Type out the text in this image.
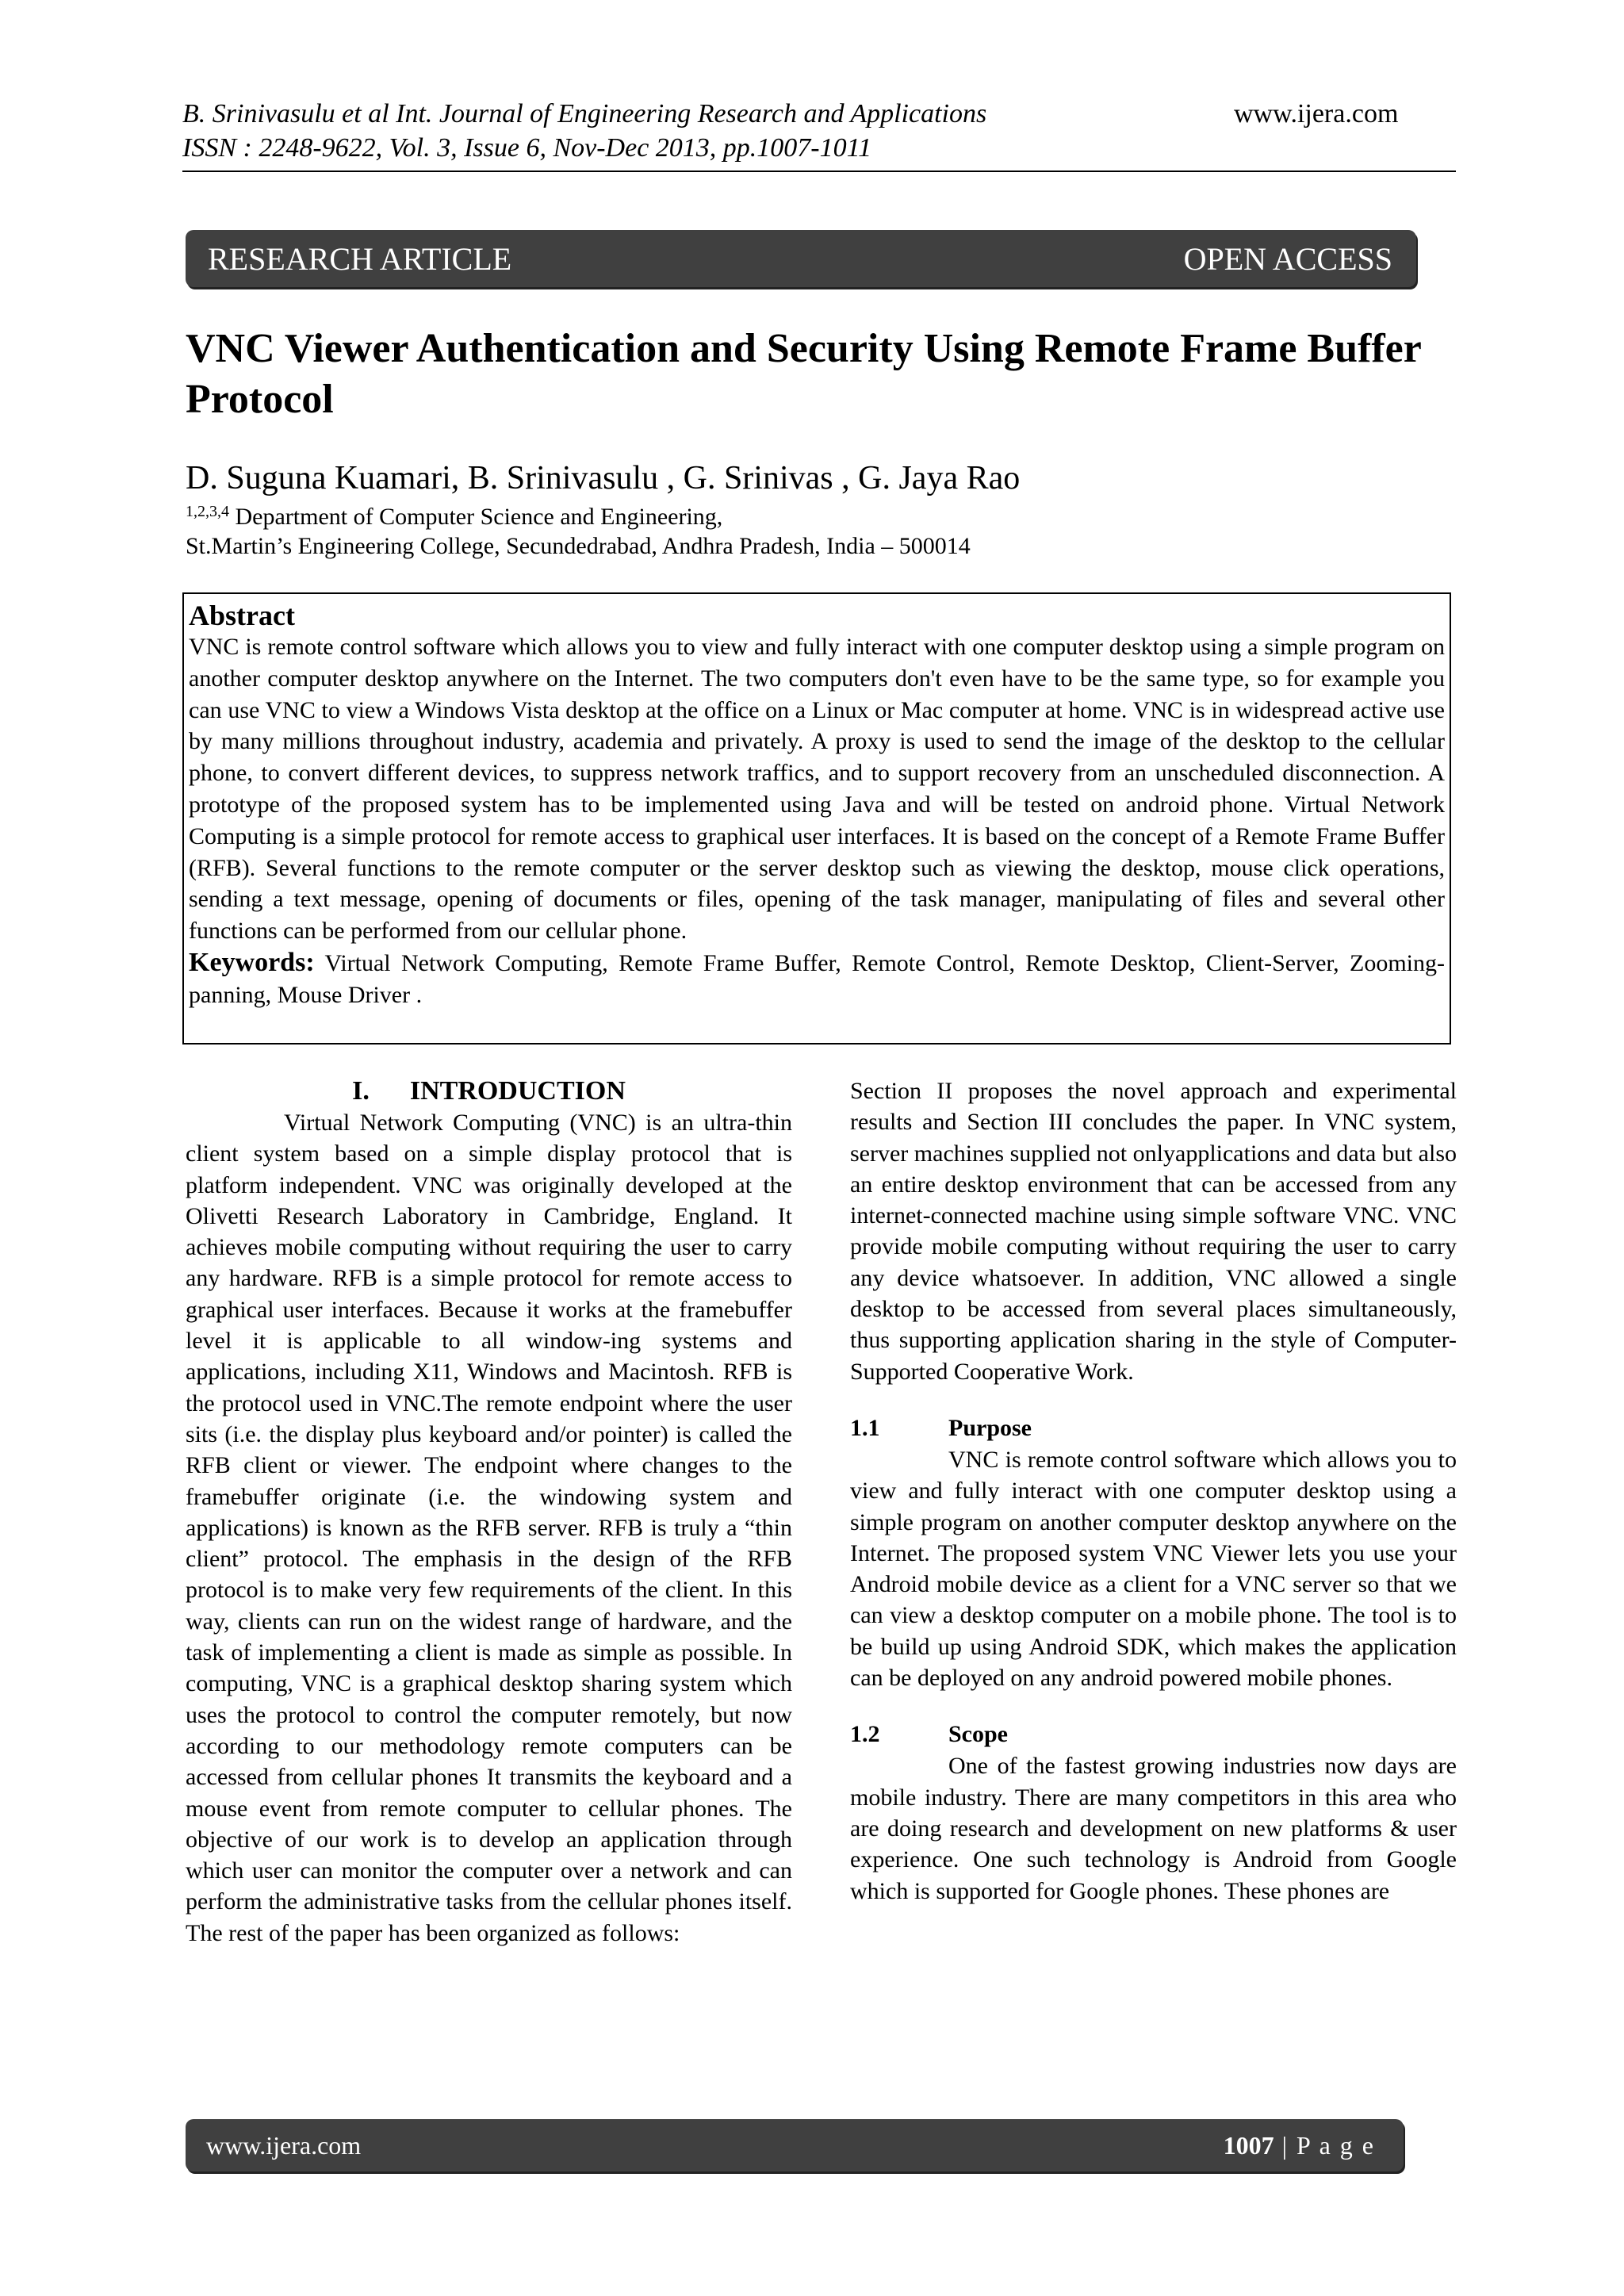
B. Srinivasulu et al Int. Journal of Engineering Research and Applications	www.ijera.com
ISSN : 2248-9622, Vol. 3, Issue 6, Nov-Dec 2013, pp.1007-1011
RESEARCH ARTICLE	OPEN ACCESS
VNC Viewer Authentication and Security Using Remote Frame Buffer Protocol
D. Suguna Kuamari, B. Srinivasulu , G. Srinivas , G. Jaya Rao
$^{1,2,3,4}$ Department of Computer Science and Engineering,
St.Martin’s Engineering College, Secundedrabad, Andhra Pradesh, India – 500014
Abstract
VNC is remote control software which allows you to view and fully interact with one computer desktop using a simple program on another computer desktop anywhere on the Internet. The two computers don't even have to be the same type, so for example you can use VNC to view a Windows Vista desktop at the office on a Linux or Mac computer at home. VNC is in widespread active use by many millions throughout industry, academia and privately. A proxy is used to send the image of the desktop to the cellular phone, to convert different devices, to suppress network traffics, and to support recovery from an unscheduled disconnection. A prototype of the proposed system has to be implemented using Java and will be tested on android phone. Virtual Network Computing is a simple protocol for remote access to graphical user interfaces. It is based on the concept of a Remote Frame Buffer (RFB). Several functions to the remote computer or the server desktop such as viewing the desktop, mouse click operations, sending a text message, opening of documents or files, opening of the task manager, manipulating of files and several other functions can be performed from our cellular phone.
Keywords: Virtual Network Computing, Remote Frame Buffer, Remote Control, Remote Desktop, Client-Server, Zooming-panning, Mouse Driver .

I.      INTRODUCTION

Virtual Network Computing (VNC) is an ultra-thin client system based on a simple display protocol that is platform independent. VNC was originally developed at the Olivetti Research Laboratory in Cambridge, England. It achieves mobile computing without requiring the user to carry any hardware. RFB is a simple protocol for remote access to graphical user interfaces. Because it works at the framebuffer level it is applicable to all window-ing systems and applications, including X11, Windows and Macintosh. RFB is the protocol used in VNC.The remote endpoint where the user sits (i.e. the display plus keyboard and/or pointer) is called the RFB client or viewer. The endpoint where changes to the framebuffer originate (i.e. the windowing system and applications) is known as the RFB server. RFB is truly a “thin client” protocol. The emphasis in the design of the RFB protocol is to make very few requirements of the client. In this way, clients can run on the widest range of hardware, and the task of implementing a client is made as simple as possible. In computing, VNC is a graphical desktop sharing system which uses the protocol to control the computer remotely, but now according to our methodology remote computers can be accessed from cellular phones It transmits the keyboard and a mouse event from remote computer to cellular phones. The objective of our work is to develop an application through which user can monitor the computer over a network and can perform the administrative tasks from the cellular phones itself. The rest of the paper has been organized as follows:

Section II proposes the novel approach and experimental results and Section III concludes the paper. In VNC system, server machines supplied not onlyapplications and data but also an entire desktop environment that can be accessed from any internet-connected machine using simple software VNC. VNC provide mobile computing without requiring the user to carry any device whatsoever. In addition, VNC allowed a single desktop to be accessed from several places simultaneously, thus supporting application sharing in the style of Computer-Supported Cooperative Work.

1.1	Purpose

VNC is remote control software which allows you to view and fully interact with one computer desktop using a simple program on another computer desktop anywhere on the Internet. The proposed system VNC Viewer lets you use your Android mobile device as a client for a VNC server so that we can view a desktop computer on a mobile phone. The tool is to be build up using Android SDK, which makes the application can be deployed on any android powered mobile phones.

1.2	Scope

One of the fastest growing industries now days are mobile industry. There are many competitors in this area who are doing research and development on new platforms & user experience. One such technology is Android from Google which is supported for Google phones. These phones are

www.ijera.com	1007 | P a g e
